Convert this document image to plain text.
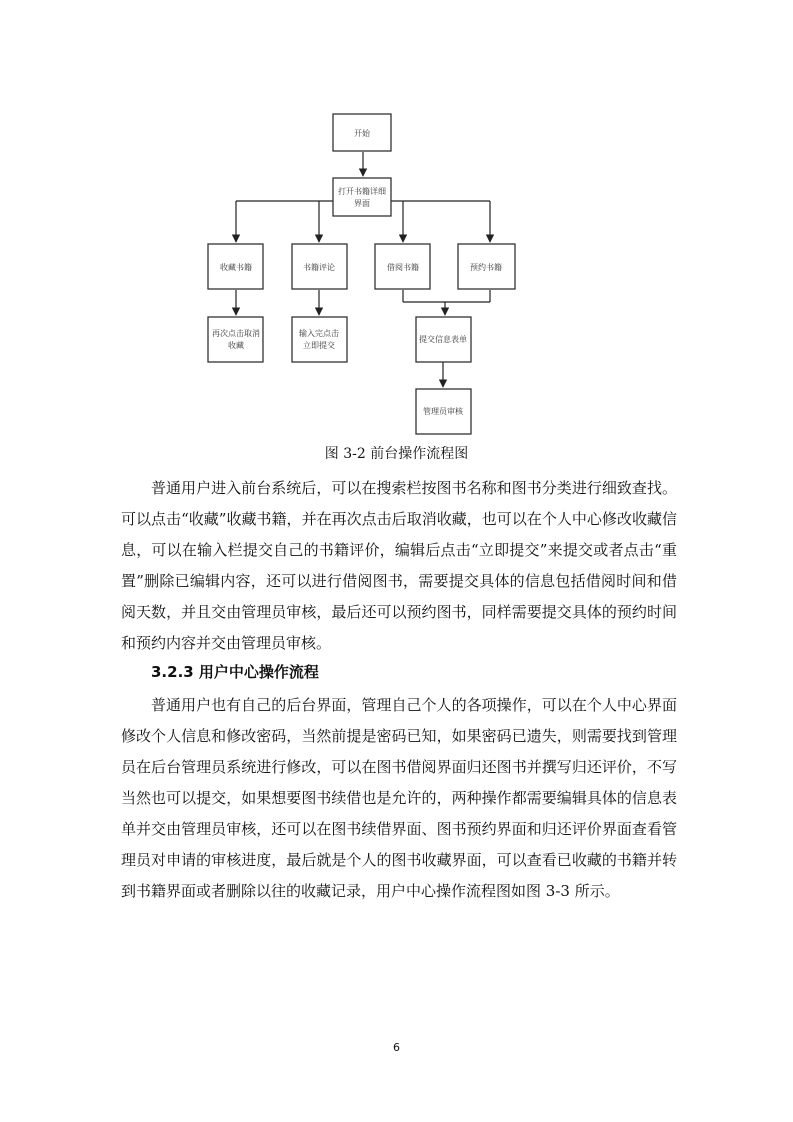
开始
打开书籍详细
界面
收藏书籍	书籍评论	借阅书籍	预约书籍
再次点击取消
收藏
输入完点击
立即提交
提交信息表单
管理员审核
图 3-2 前台操作流程图

普通用户进入前台系统后，可以在搜索栏按图书名称和图书分类进行细致查找。可以点击“收藏”收藏书籍，并在再次点击后取消收藏，也可以在个人中心修改收藏信息，可以在输入栏提交自己的书籍评价，编辑后点击“立即提交”来提交或者点击“重置”删除已编辑内容，还可以进行借阅图书，需要提交具体的信息包括借阅时间和借阅天数，并且交由管理员审核，最后还可以预约图书，同样需要提交具体的预约时间和预约内容并交由管理员审核。

3.2.3 用户中心操作流程

普通用户也有自己的后台界面，管理自己个人的各项操作，可以在个人中心界面修改个人信息和修改密码，当然前提是密码已知，如果密码已遗失，则需要找到管理员在后台管理员系统进行修改，可以在图书借阅界面归还图书并撰写归还评价，不写当然也可以提交，如果想要图书续借也是允许的，两种操作都需要编辑具体的信息表单并交由管理员审核，还可以在图书续借界面、图书预约界面和归还评价界面查看管理员对申请的审核进度，最后就是个人的图书收藏界面，可以查看已收藏的书籍并转到书籍界面或者删除以往的收藏记录，用户中心操作流程图如图 3-3 所示。

6
